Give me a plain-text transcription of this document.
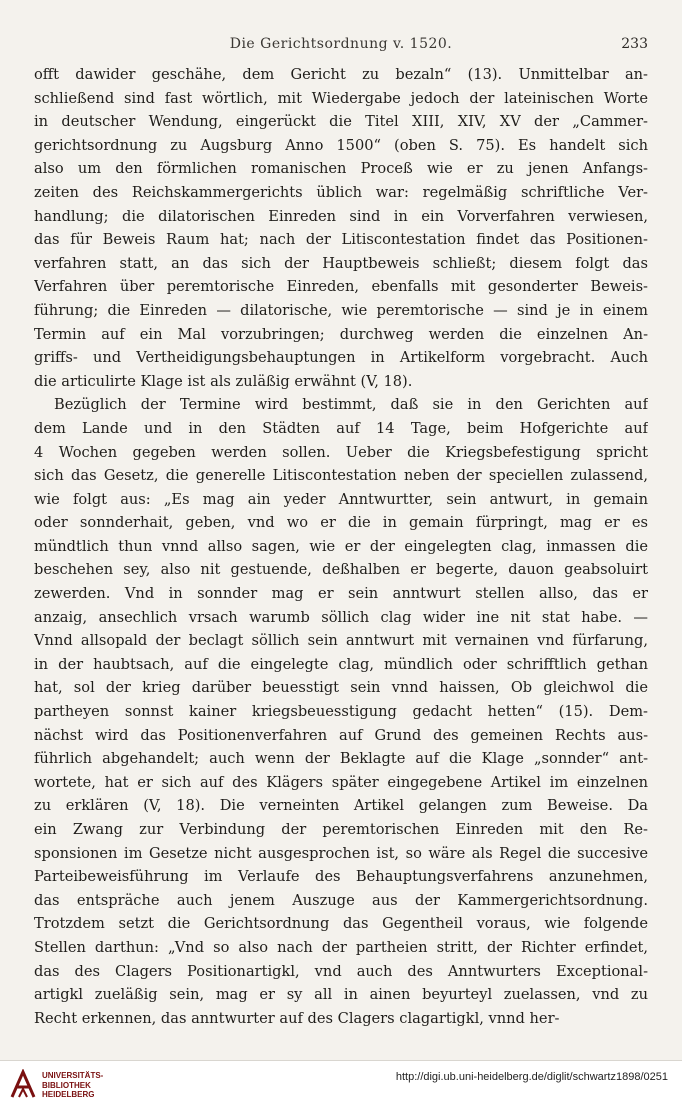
Die Gerichtsordnung v. 1520.	233
offt dawider geschähe, dem Gericht zu bezaln“ (13). Unmittelbar an-
schließend sind fast wörtlich, mit Wiedergabe jedoch der lateinischen Worte
in deutscher Wendung, eingerückt die Titel XIII, XIV, XV der „Cammer-
gerichtsordnung zu Augsburg Anno 1500“ (oben S. 75). Es handelt sich
also um den förmlichen romanischen Proceß wie er zu jenen Anfangs-
zeiten des Reichskammergerichts üblich war: regelmäßig schriftliche Ver-
handlung; die dilatorischen Einreden sind in ein Vorverfahren verwiesen,
das für Beweis Raum hat; nach der Litiscontestation findet das Positionen-
verfahren statt, an das sich der Hauptbeweis schließt; diesem folgt das
Verfahren über peremtorische Einreden, ebenfalls mit gesonderter Beweis-
führung; die Einreden — dilatorische, wie peremtorische — sind je in einem
Termin auf ein Mal vorzubringen; durchweg werden die einzelnen An-
griffs- und Vertheidigungsbehauptungen in Artikelform vorgebracht. Auch
die articulirte Klage ist als zuläßig erwähnt (V, 18).
Bezüglich der Termine wird bestimmt, daß sie in den Gerichten auf
dem Lande und in den Städten auf 14 Tage, beim Hofgerichte auf
4 Wochen gegeben werden sollen. Ueber die Kriegsbefestigung spricht
sich das Gesetz, die generelle Litiscontestation neben der speciellen zulassend,
wie folgt aus: „Es mag ain yeder Anntwurtter, sein antwurt, in gemain
oder sonnderhait, geben, vnd wo er die in gemain fürpringt, mag er es
mündtlich thun vnnd allso sagen, wie er der eingelegten clag, inmassen die
beschehen sey, also nit gestuende, deßhalben er begerte, dauon geabsoluirt
zewerden. Vnd in sonnder mag er sein anntwurt stellen allso, das er
anzaig, ansechlich vrsach warumb söllich clag wider ine nit stat habe. —
Vnnd allsopald der beclagt söllich sein anntwurt mit vernainen vnd fürfarung,
in der haubtsach, auf die eingelegte clag, mündlich oder schrifftlich gethan
hat, sol der krieg darüber beuesstigt sein vnnd haissen, Ob gleichwol die
partheyen sonnst kainer kriegsbeuesstigung gedacht hetten“ (15). Dem-
nächst wird das Positionenverfahren auf Grund des gemeinen Rechts aus-
führlich abgehandelt; auch wenn der Beklagte auf die Klage „sonnder“ ant-
wortete, hat er sich auf des Klägers später eingegebene Artikel im einzelnen
zu erklären (V, 18). Die verneinten Artikel gelangen zum Beweise. Da
ein Zwang zur Verbindung der peremtorischen Einreden mit den Re-
sponsionen im Gesetze nicht ausgesprochen ist, so wäre als Regel die succesive
Parteibeweisführung im Verlaufe des Behauptungsverfahrens anzunehmen,
das entspräche auch jenem Auszuge aus der Kammergerichtsordnung.
Trotzdem setzt die Gerichtsordnung das Gegentheil voraus, wie folgende
Stellen darthun: „Vnd so also nach der partheien stritt, der Richter erfindet,
das des Clagers Positionartigkl, vnd auch des Anntwurters Exceptional-
artigkl zueläßig sein, mag er sy all in ainen beyurteyl zuelassen, vnd zu
Recht erkennen, das anntwurter auf des Clagers clagartigkl, vnnd her-
UNIVERSITÄTS-
BIBLIOTHEK
HEIDELBERG
http://digi.ub.uni-heidelberg.de/diglit/schwartz1898/0251
